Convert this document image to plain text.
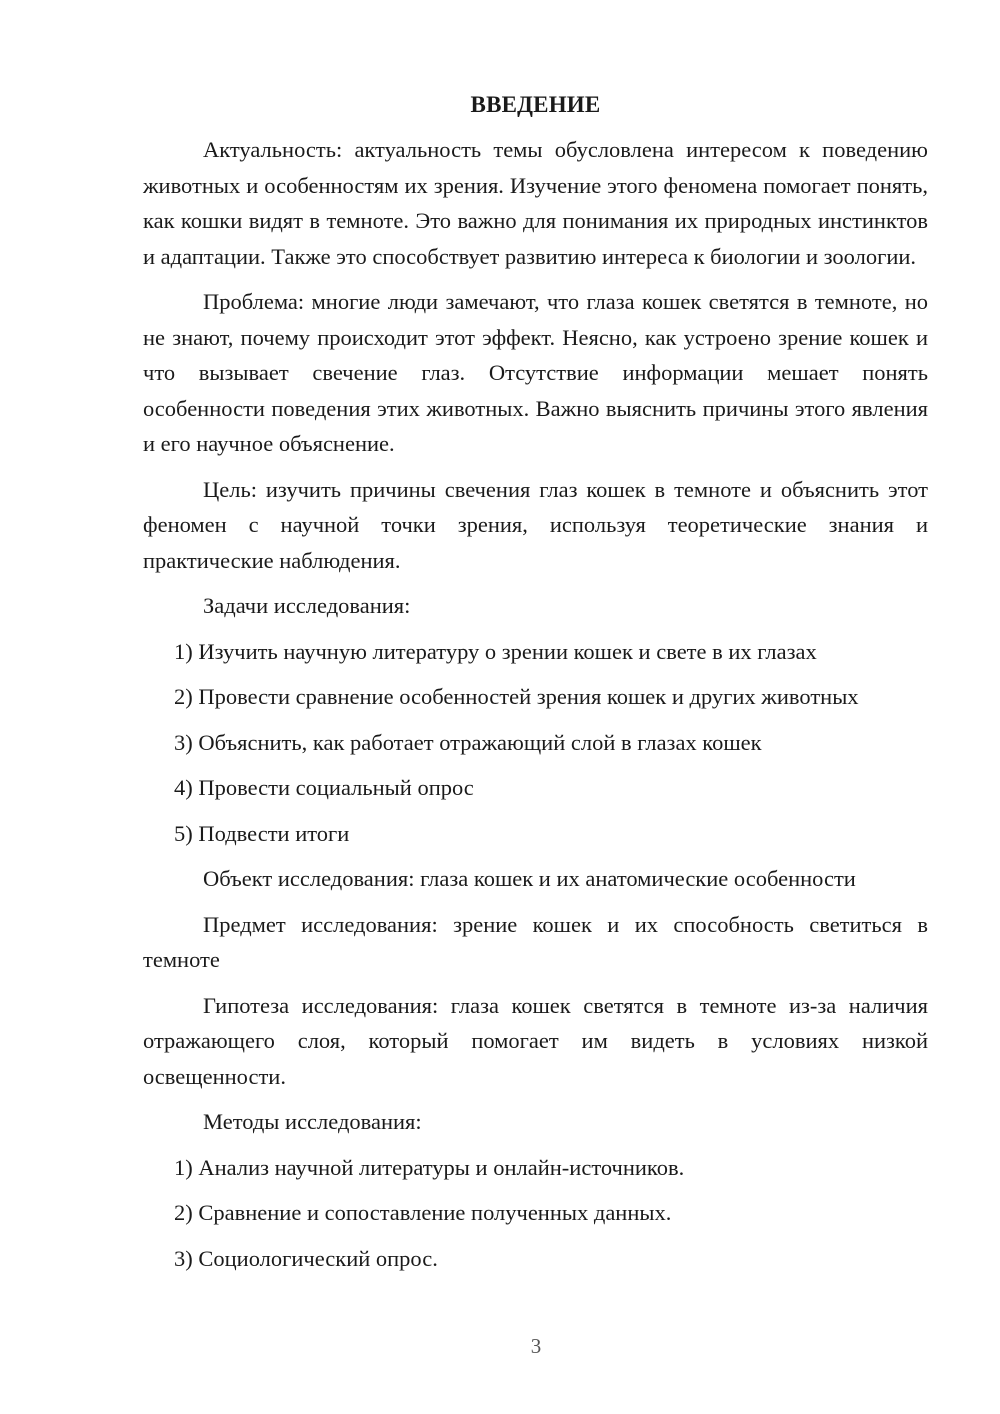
ВВЕДЕНИЕ

Актуальность: актуальность темы обусловлена интересом к поведению животных и особенностям их зрения. Изучение этого феномена помогает понять, как кошки видят в темноте. Это важно для понимания их природных инстинктов и адаптации. Также это способствует развитию интереса к биологии и зоологии.

Проблема: многие люди замечают, что глаза кошек светятся в темноте, но не знают, почему происходит этот эффект. Неясно, как устроено зрение кошек и что вызывает свечение глаз. Отсутствие информации мешает понять особенности поведения этих животных. Важно выяснить причины этого явления и его научное объяснение.

Цель: изучить причины свечения глаз кошек в темноте и объяснить этот феномен с научной точки зрения, используя теоретические знания и практические наблюдения.

Задачи исследования:

1) Изучить научную литературу о зрении кошек и свете в их глазах
2) Провести сравнение особенностей зрения кошек и других животных
3) Объяснить, как работает отражающий слой в глазах кошек
4) Провести социальный опрос
5) Подвести итоги

Объект исследования: глаза кошек и их анатомические особенности

Предмет исследования: зрение кошек и их способность светиться в темноте

Гипотеза исследования: глаза кошек светятся в темноте из-за наличия отражающего слоя, который помогает им видеть в условиях низкой освещенности.

Методы исследования:

1) Анализ научной литературы и онлайн-источников.
2) Сравнение и сопоставление полученных данных.
3) Социологический опрос.
3
